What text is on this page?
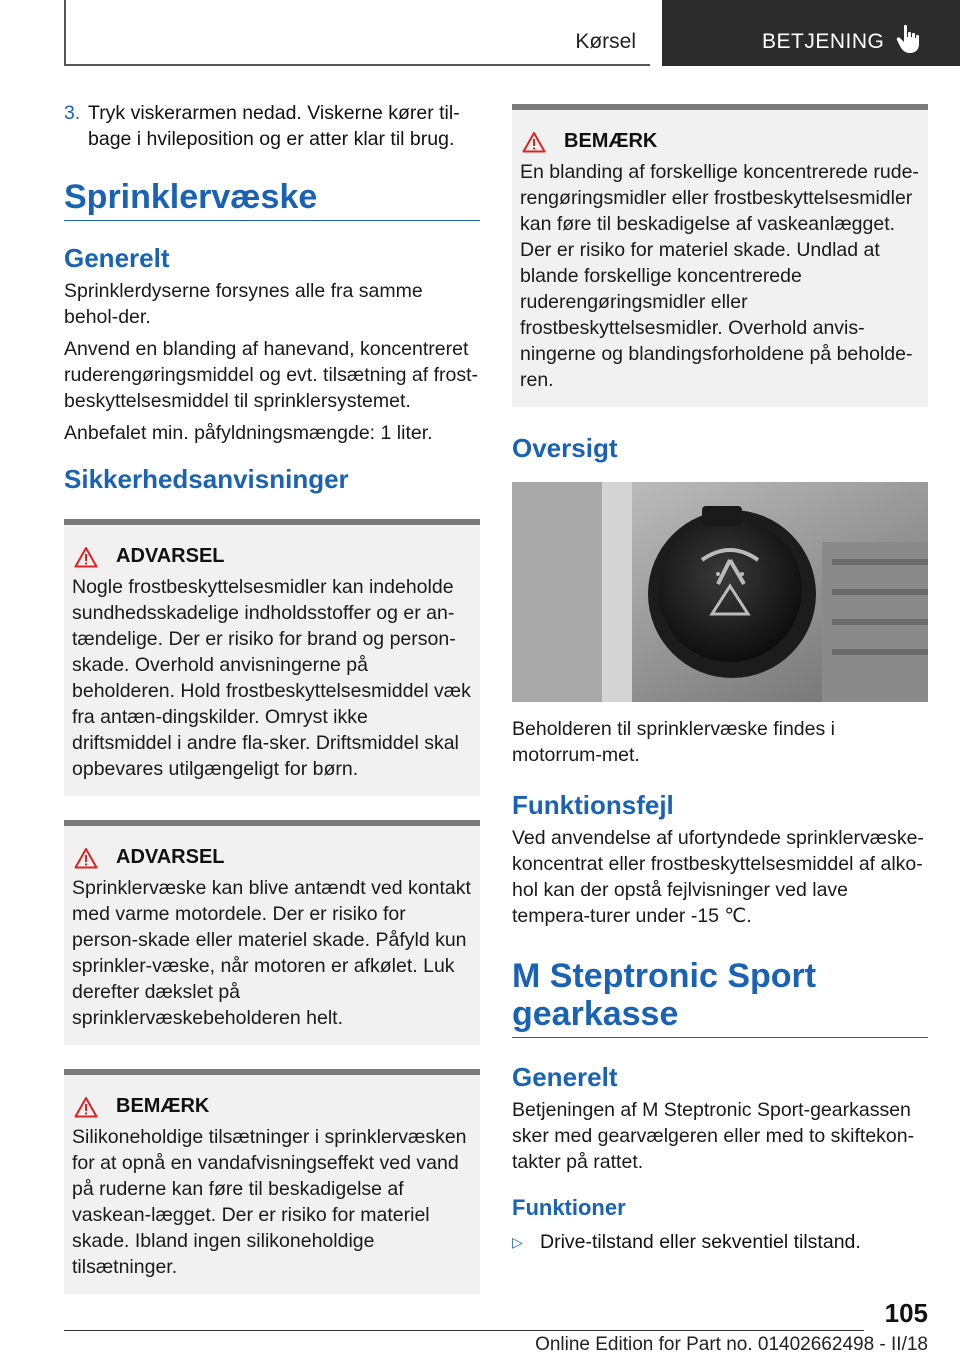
Kørsel	BETJENING
3. Tryk viskerarmen nedad. Viskerne kører til-bage i hvileposition og er atter klar til brug.
Sprinklervæske
Generelt

Sprinklerdyserne forsynes alle fra samme behol-der.

Anvend en blanding af hanevand, koncentreret ruderengøringsmiddel og evt. tilsætning af frost-beskyttelsesmiddel til sprinklersystemet.

Anbefalet min. påfyldningsmængde: 1 liter.

Sikkerhedsanvisninger
ADVARSEL

Nogle frostbeskyttelsesmidler kan indeholde sundhedsskadelige indholdsstoffer og er an-tændelige. Der er risiko for brand og person-skade. Overhold anvisningerne på beholderen. Hold frostbeskyttelsesmiddel væk fra antæn-dingskilder. Omryst ikke driftsmiddel i andre fla-sker. Driftsmiddel skal opbevares utilgængeligt for børn.

ADVARSEL

Sprinklervæske kan blive antændt ved kontakt med varme motordele. Der er risiko for person-skade eller materiel skade. Påfyld kun sprinkler-væske, når motoren er afkølet. Luk derefter dækslet på sprinklervæskebeholderen helt.

BEMÆRK

Silikoneholdige tilsætninger i sprinklervæsken for at opnå en vandafvisningseffekt ved vand på ruderne kan føre til beskadigelse af vaskean-lægget. Der er risiko for materiel skade. Ibland ingen silikoneholdige tilsætninger.

BEMÆRK

En blanding af forskellige koncentrerede rude-rengøringsmidler eller frostbeskyttelsesmidler kan føre til beskadigelse af vaskeanlægget. Der er risiko for materiel skade. Undlad at blande forskellige koncentrerede ruderengøringsmidler eller frostbeskyttelsesmidler. Overhold anvis-ningerne og blandingsforholdene på beholde-ren.

Oversigt

Beholderen til sprinklervæske findes i motorrum-met.

Funktionsfejl

Ved anvendelse af ufortyndede sprinklervæske-koncentrat eller frostbeskyttelsesmiddel af alko-hol kan der opstå fejlvisninger ved lave tempera-turer under -15 ℃.

M Steptronic Sport gearkasse
Generelt

Betjeningen af M Steptronic Sport-gearkassen sker med gearvælgeren eller med to skiftekon-takter på rattet.

Funktioner
▷ Drive-tilstand eller sekventiel tilstand.
105
Online Edition for Part no. 01402662498 - II/18
